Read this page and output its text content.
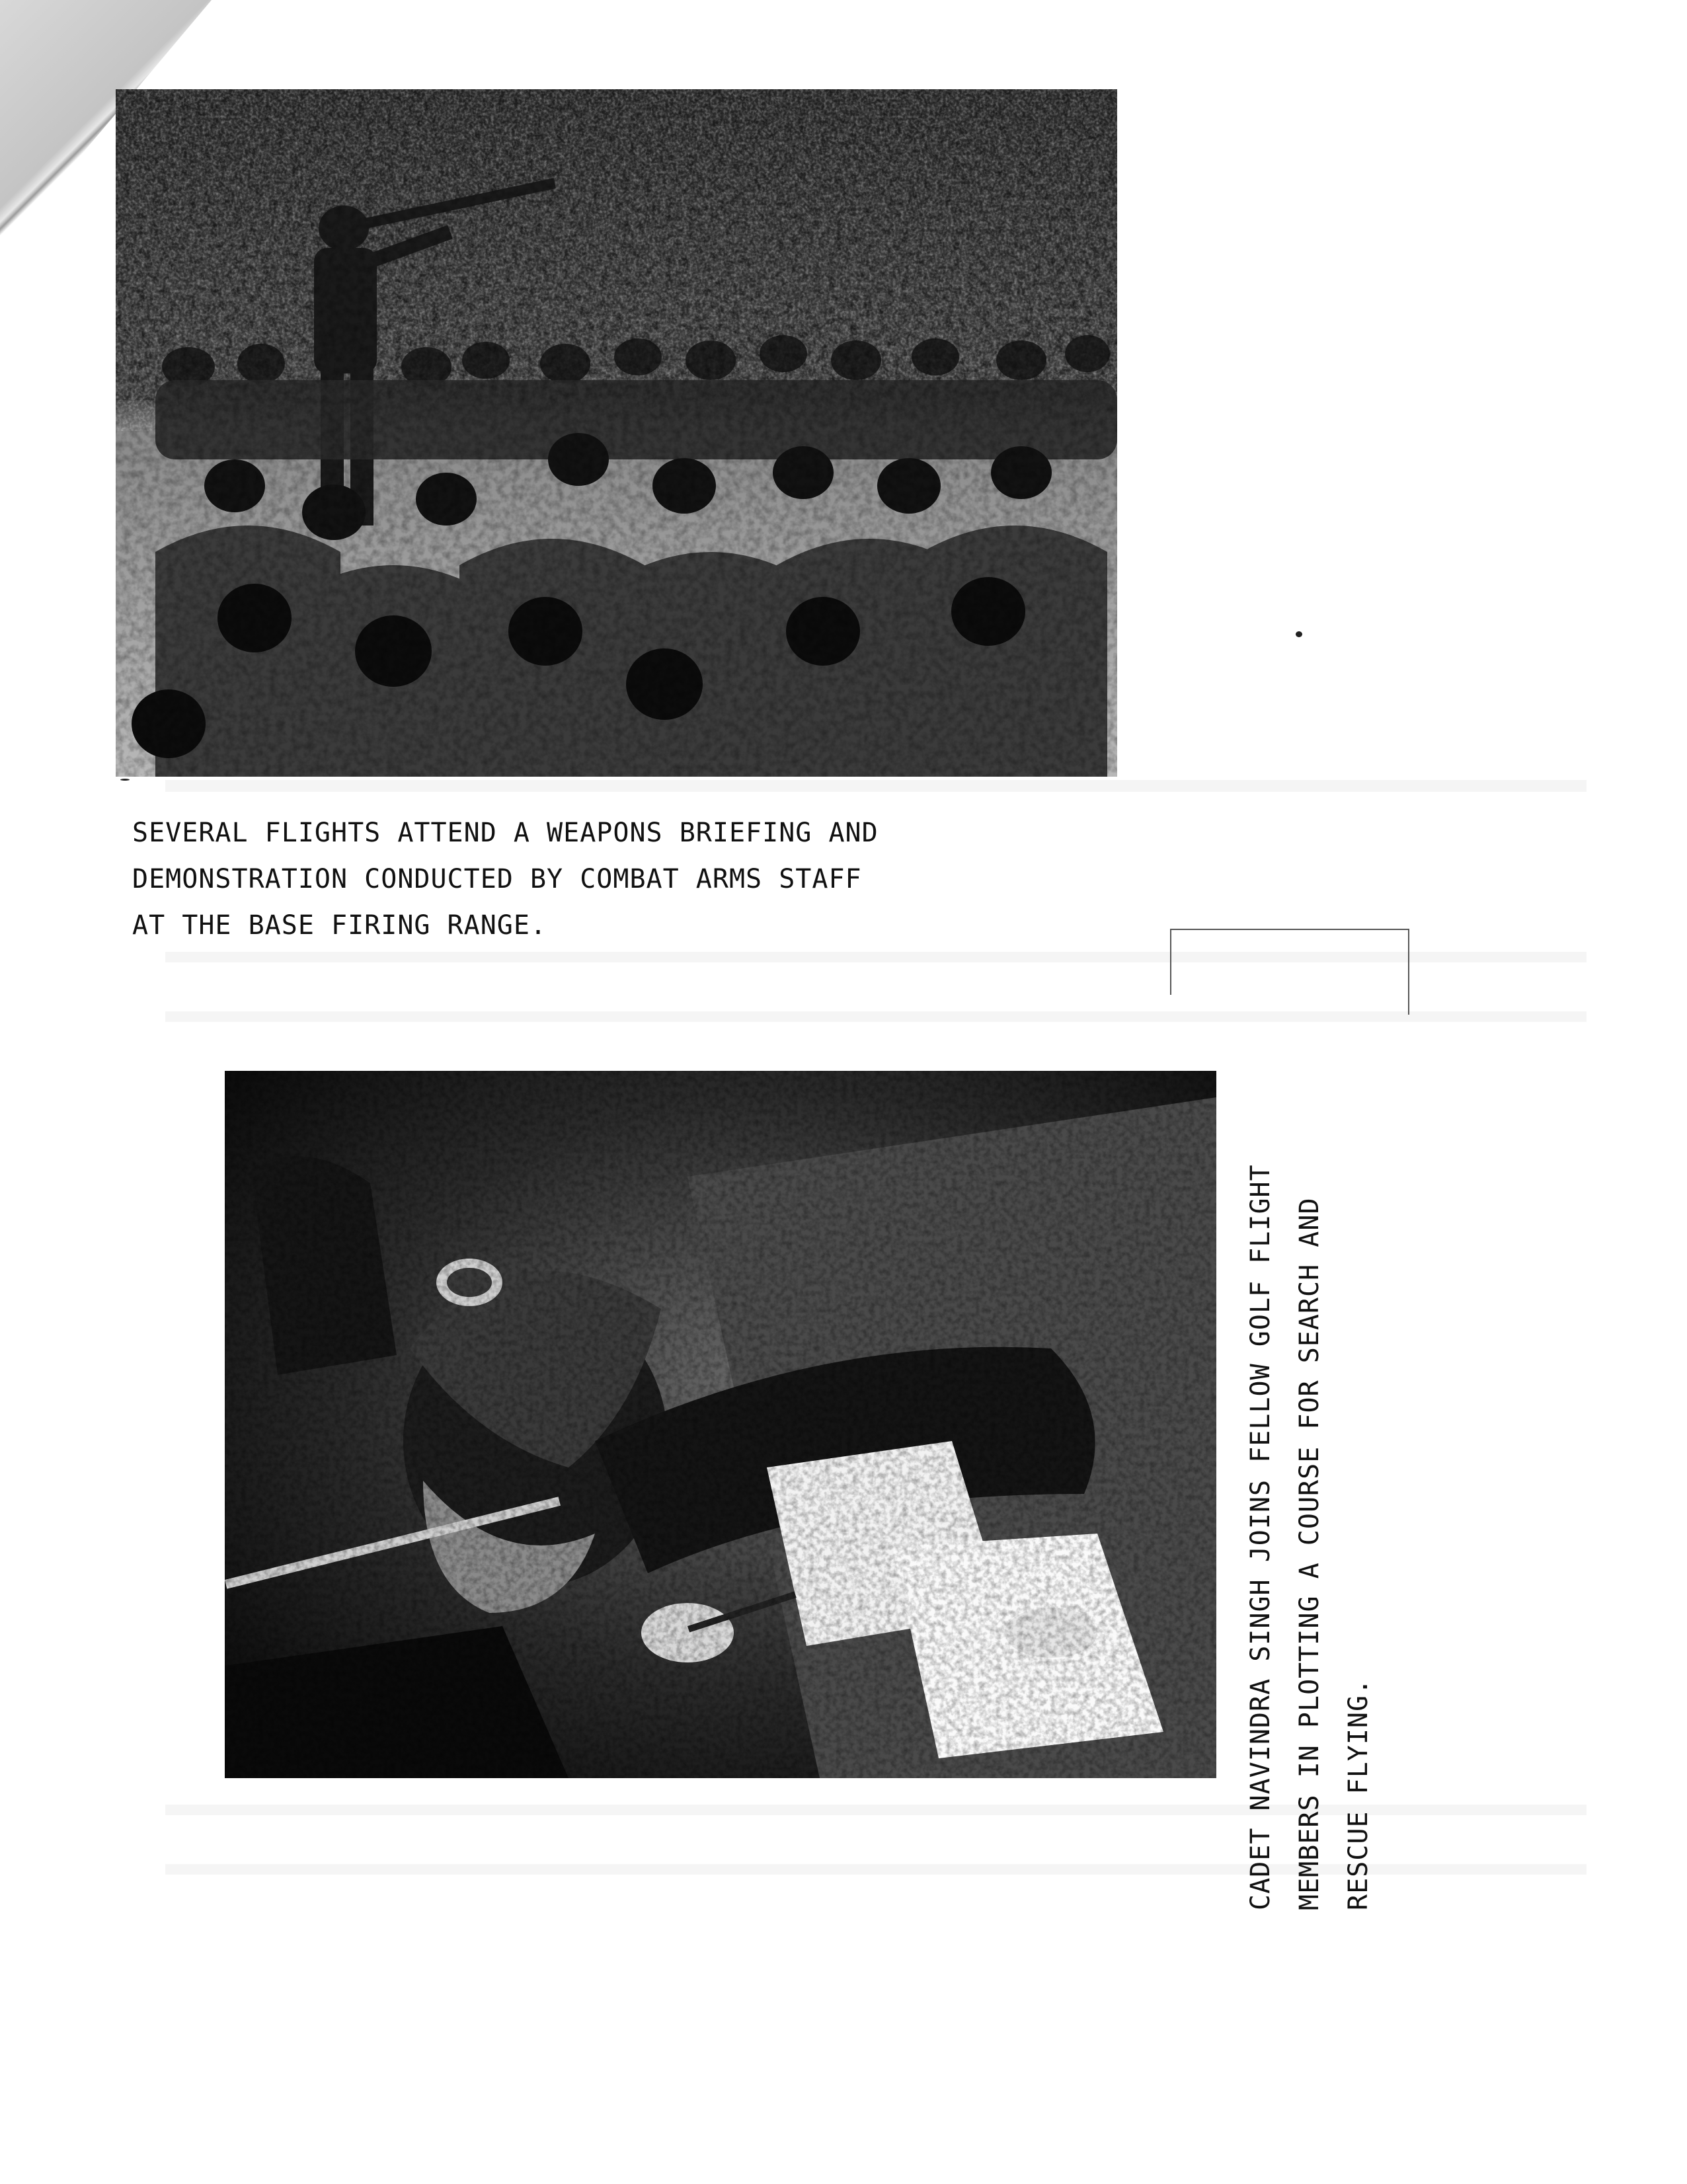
SEVERAL FLIGHTS ATTEND A WEAPONS BRIEFING AND
DEMONSTRATION CONDUCTED BY COMBAT ARMS STAFF
AT THE BASE FIRING RANGE.
CADET NAVINDRA SINGH JOINS FELLOW GOLF FLIGHT
MEMBERS IN PLOTTING A COURSE FOR SEARCH AND
RESCUE FLYING.
